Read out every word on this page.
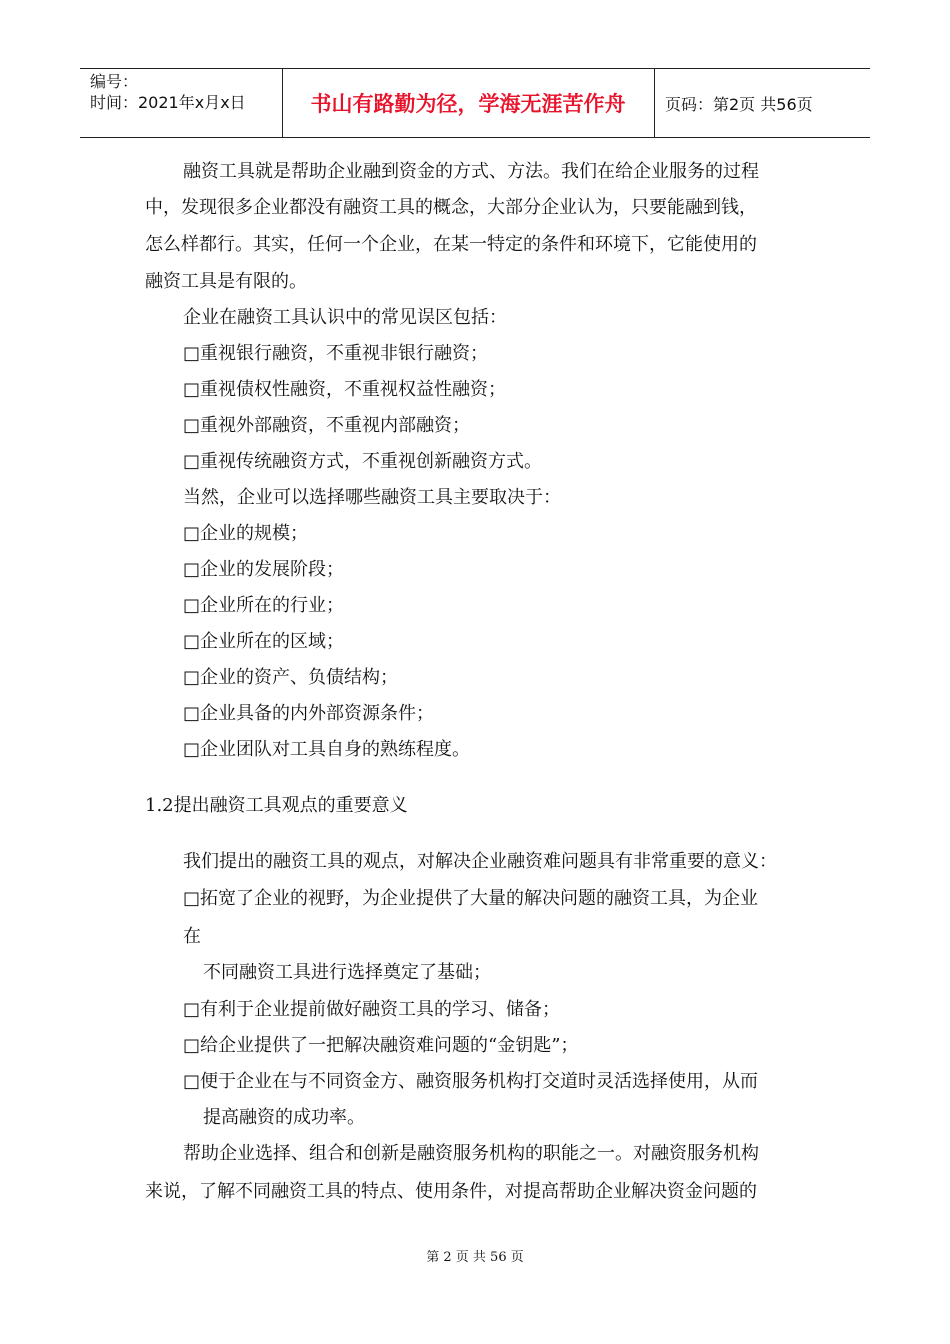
编号：
时间：2021年x月x日	书山有路勤为径，学海无涯苦作舟	页码：第2页 共56页
融资工具就是帮助企业融到资金的方式、方法。我们在给企业服务的过程
中，发现很多企业都没有融资工具的概念，大部分企业认为，只要能融到钱，
怎么样都行。其实，任何一个企业，在某一特定的条件和环境下，它能使用的
融资工具是有限的。
企业在融资工具认识中的常见误区包括：
□重视银行融资，不重视非银行融资；
□重视债权性融资，不重视权益性融资；
□重视外部融资，不重视内部融资；
□重视传统融资方式，不重视创新融资方式。
当然，企业可以选择哪些融资工具主要取决于：
□企业的规模；
□企业的发展阶段；
□企业所在的行业；
□企业所在的区域；
□企业的资产、负债结构；
□企业具备的内外部资源条件；
□企业团队对工具自身的熟练程度。
1.2提出融资工具观点的重要意义
我们提出的融资工具的观点，对解决企业融资难问题具有非常重要的意义：
□拓宽了企业的视野，为企业提供了大量的解决问题的融资工具，为企业
在
不同融资工具进行选择奠定了基础；
□有利于企业提前做好融资工具的学习、储备；
□给企业提供了一把解决融资难问题的“金钥匙”；
□便于企业在与不同资金方、融资服务机构打交道时灵活选择使用，从而
提高融资的成功率。
帮助企业选择、组合和创新是融资服务机构的职能之一。对融资服务机构
来说，了解不同融资工具的特点、使用条件，对提高帮助企业解决资金问题的
第 2 页 共 56 页
